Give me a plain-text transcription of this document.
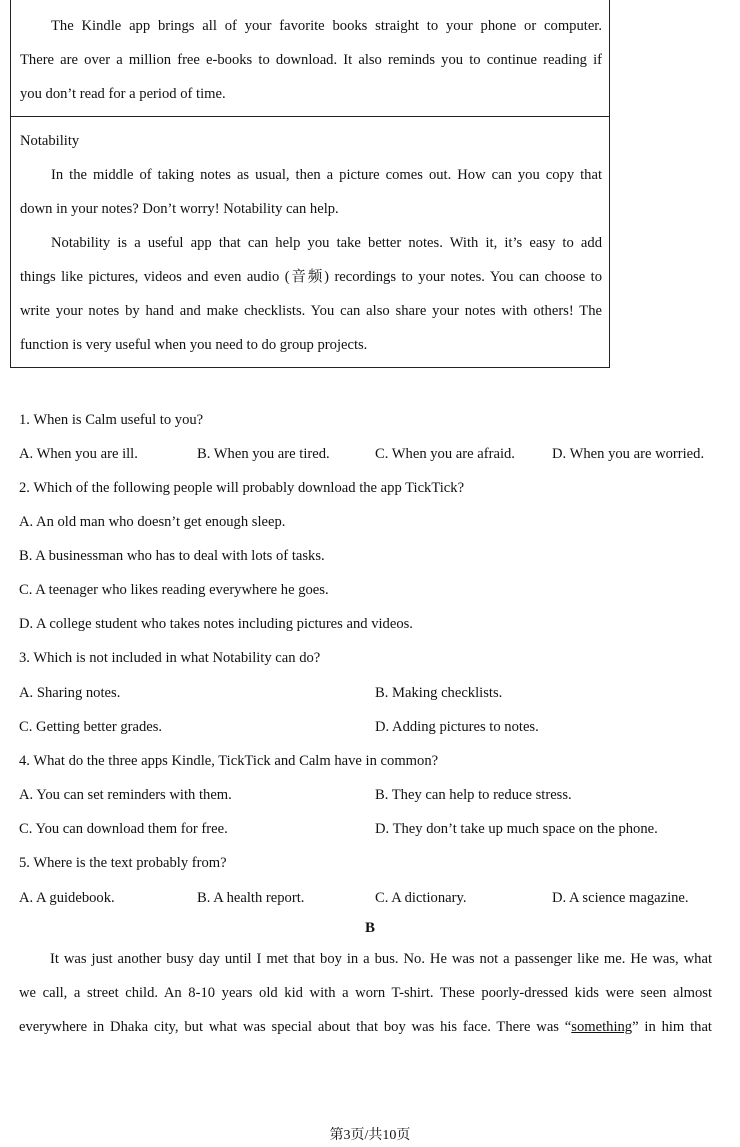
The Kindle app brings all of your favorite books straight to your phone or computer.
There are over a million free e-books to download. It also reminds you to continue reading if
you don’t read for a period of time.
Notability
In the middle of taking notes as usual, then a picture comes out. How can you copy that
down in your notes? Don’t worry! Notability can help.
Notability is a useful app that can help you take better notes. With it, it’s easy to add
things like pictures, videos and even audio (音频) recordings to your notes. You can choose to
write your notes by hand and make checklists. You can also share your notes with others! The
function is very useful when you need to do group projects.
1. When is Calm useful to you?
A. When you are ill.	B. When you are tired.	C. When you are afraid.	D. When you are worried.
2. Which of the following people will probably download the app TickTick?
A. An old man who doesn’t get enough sleep.
B. A businessman who has to deal with lots of tasks.
C. A teenager who likes reading everywhere he goes.
D. A college student who takes notes including pictures and videos.
3. Which is not included in what Notability can do?
A. Sharing notes.	B. Making checklists.
C. Getting better grades.	D. Adding pictures to notes.
4. What do the three apps Kindle, TickTick and Calm have in common?
A. You can set reminders with them.	B. They can help to reduce stress.
C. You can download them for free.	D. They don’t take up much space on the phone.
5. Where is the text probably from?
A. A guidebook.	B. A health report.	C. A dictionary.	D. A science magazine.
B
It was just another busy day until I met that boy in a bus. No. He was not a passenger like me. He was, what
we call, a street child. An 8-10 years old kid with a worn T-shirt. These poorly-dressed kids were seen almost
everywhere in Dhaka city, but what was special about that boy was his face. There was “something” in him that
第3页/共10页
